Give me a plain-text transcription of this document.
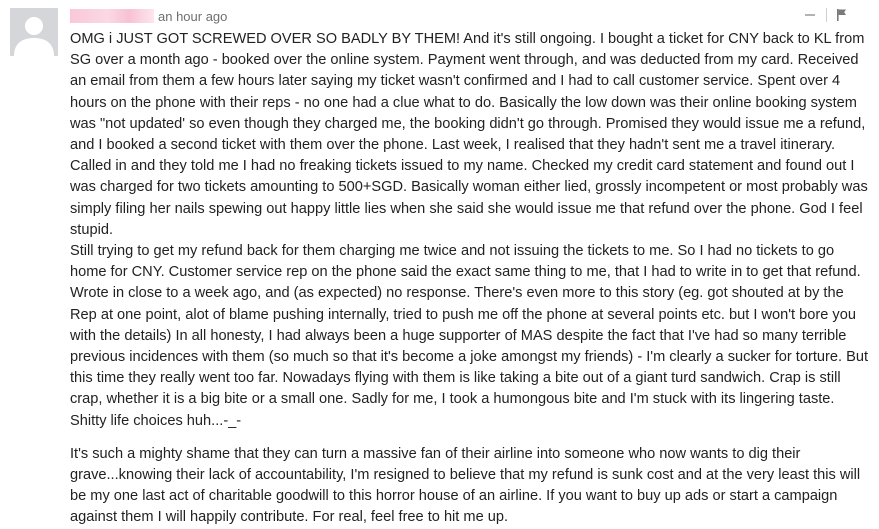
an hour ago

OMG i JUST GOT SCREWED OVER SO BADLY BY THEM! And it's still ongoing. I bought a ticket for CNY back to KL from SG over a month ago - booked over the online system. Payment went through, and was deducted from my card. Received an email from them a few hours later saying my ticket wasn't confirmed and I had to call customer service. Spent over 4 hours on the phone with their reps - no one had a clue what to do. Basically the low down was their online booking system was "not updated' so even though they charged me, the booking didn't go through. Promised they would issue me a refund, and I booked a second ticket with them over the phone. Last week, I realised that they hadn't sent me a travel itinerary. Called in and they told me I had no freaking tickets issued to my name. Checked my credit card statement and found out I was charged for two tickets amounting to 500+SGD. Basically woman either lied, grossly incompetent or most probably was simply filing her nails spewing out happy little lies when she said she would issue me that refund over the phone. God I feel stupid.

Still trying to get my refund back for them charging me twice and not issuing the tickets to me. So I had no tickets to go home for CNY. Customer service rep on the phone said the exact same thing to me, that I had to write in to get that refund. Wrote in close to a week ago, and (as expected) no response. There's even more to this story (eg. got shouted at by the Rep at one point, alot of blame pushing internally, tried to push me off the phone at several points etc. but I won't bore you with the details) In all honesty, I had always been a huge supporter of MAS despite the fact that I've had so many terrible previous incidences with them (so much so that it's become a joke amongst my friends) - I'm clearly a sucker for torture. But this time they really went too far. Nowadays flying with them is like taking a bite out of a giant turd sandwich. Crap is still crap, whether it is a big bite or a small one. Sadly for me, I took a humongous bite and I'm stuck with its lingering taste. Shitty life choices huh...-_-

It's such a mighty shame that they can turn a massive fan of their airline into someone who now wants to dig their grave...knowing their lack of accountability, I'm resigned to believe that my refund is sunk cost and at the very least this will be my one last act of charitable goodwill to this horror house of an airline. If you want to buy up ads or start a campaign against them I will happily contribute. For real, feel free to hit me up.
